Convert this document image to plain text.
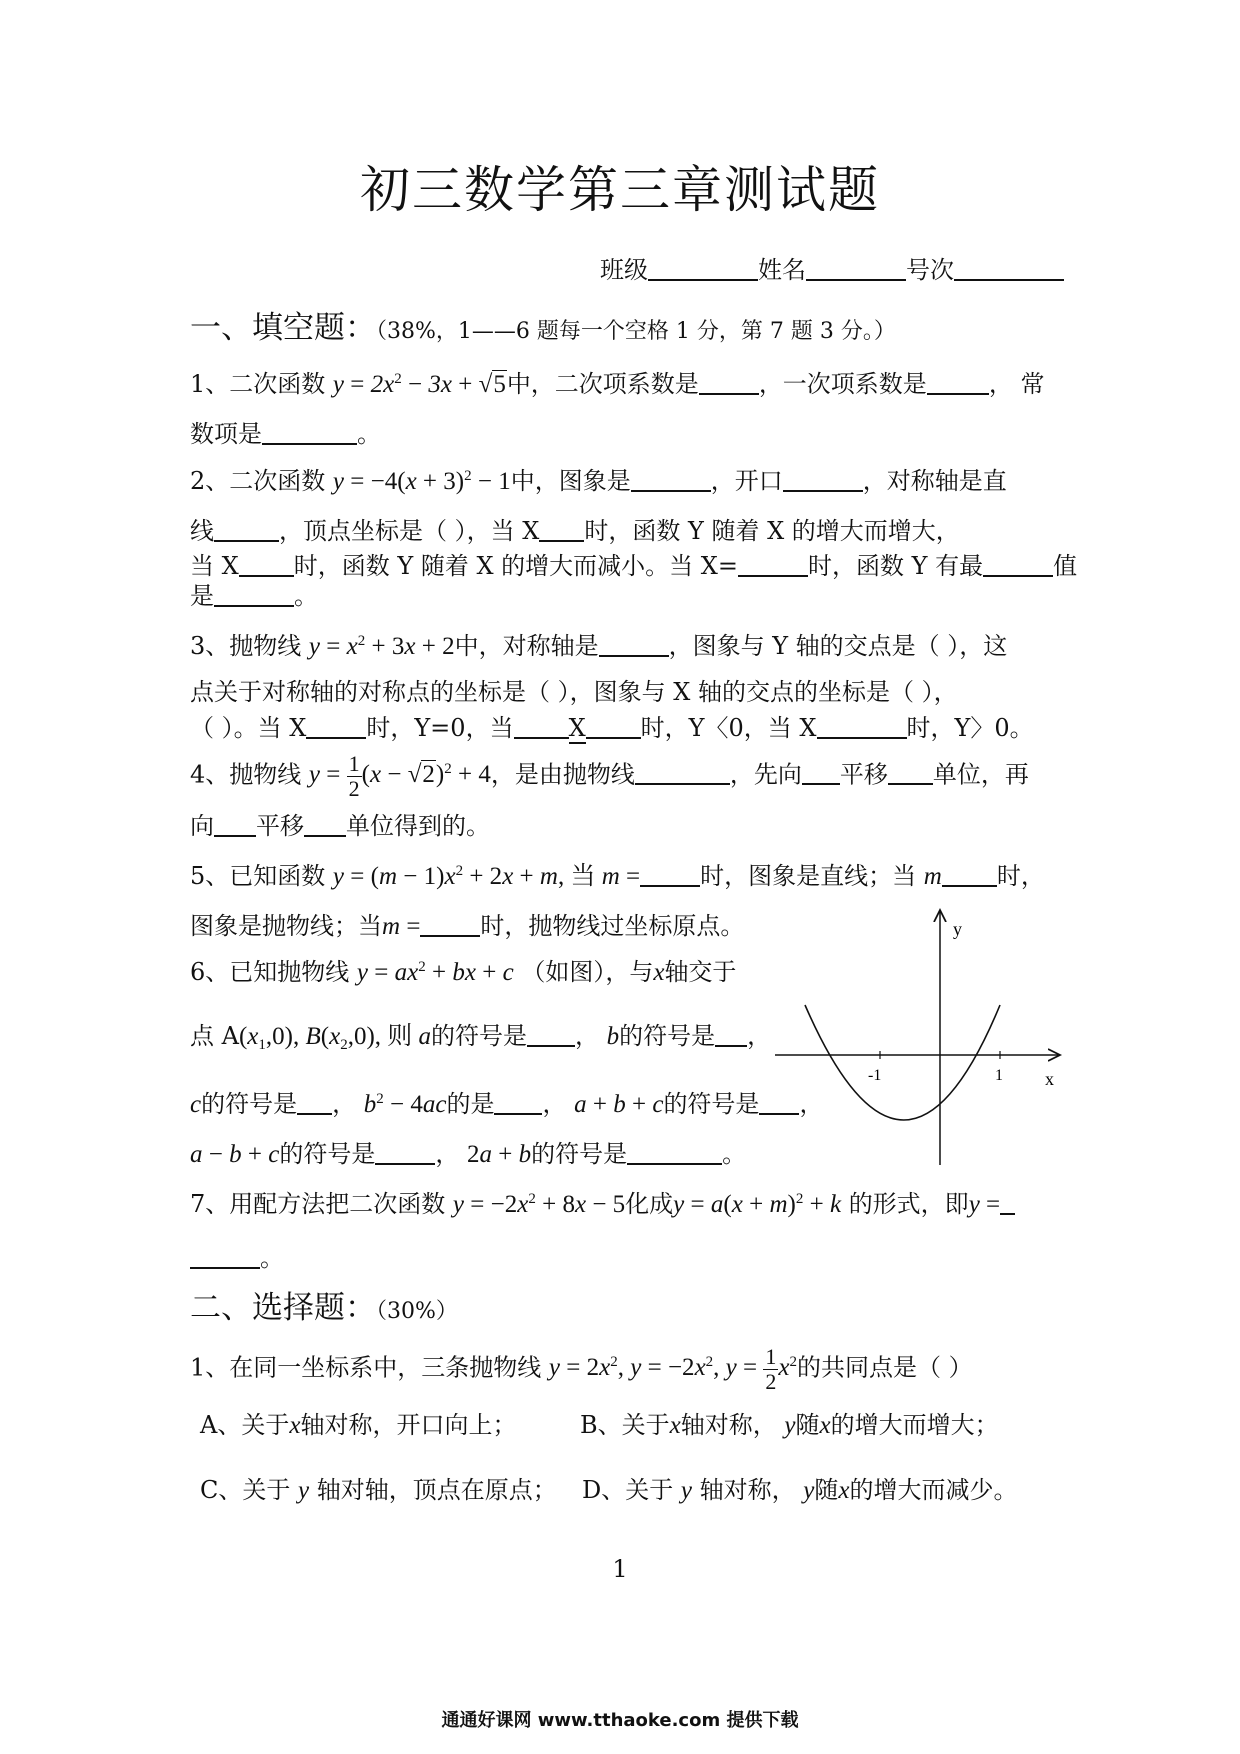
初三数学第三章测试题
班级	姓名	号次
一、填空题：（38%，1——6 题每一个空格 1 分，第 7 题 3 分。）
1、二次函数 $y = 2x^2 - 3x + √5$中，二次项系数是	，一次项系数是	， 常
数项是	。
2、二次函数 $y = -4(x + 3)^2 - 1$中，图象是	，开口	，对称轴是直
线	，顶点坐标是（ ），当 X 时，函数 Y 随着 X 的增大而增大，
当 X 时，函数 Y 随着 X 的增大而减小。当 X=	时，函数 Y 有最	值
是	。
3、抛物线 $y = x^2 + 3x + 2$中，对称轴是	，图象与 Y 轴的交点是（ ），这
点关于对称轴的对称点的坐标是（ ），图象与 X 轴的交点的坐标是（ ），
（ ）。当 X	时，Y=0，当 X 时，Y〈0，当 X	时，Y〉0。
4、抛物线 $y = \frac{1}{2} (x - √2)^2 + 4$，是由抛物线	，先向 平移 单位，再
向 平移 单位得到的。
5、已知函数 $y = (m - 1)x^2 + 2x + m$, 当 m =	时，图象是直线；当 m 时，
图象是抛物线；当m =	时，抛物线过坐标原点。
6、已知抛物线 $y = ax^2$ + bx + c （如图），与x轴交于
点 $A(x_1,0)$, $B(x_2,0)$, 则 a的符号是 ， b的符号是 ，
c的符号是 ， $b^2 - 4ac$的是 ， a + b + c的符号是 ，
a − b + c的符号是	， 2a + b的符号是	。
y
x
-1	1
7、用配方法把二次函数 $y = -2x^2 + 8x - 5$化成$y = a(x + m)^2 + k$ 的形式，即y =
。
二、选择题：（30%）
1、在同一坐标系中，三条抛物线 $y = 2x^2$, $y = -2x^2$, $y = \frac{1}{2} x^2$的共同点是（ ）
A、关于x轴对称，开口向上；	B、关于x轴对称， y随x的增大而增大；
C、关于 y 轴对轴，顶点在原点； D、关于 y 轴对称， y随x的增大而减少。
1
通通好课网 www.tthaoke.com 提供下载
